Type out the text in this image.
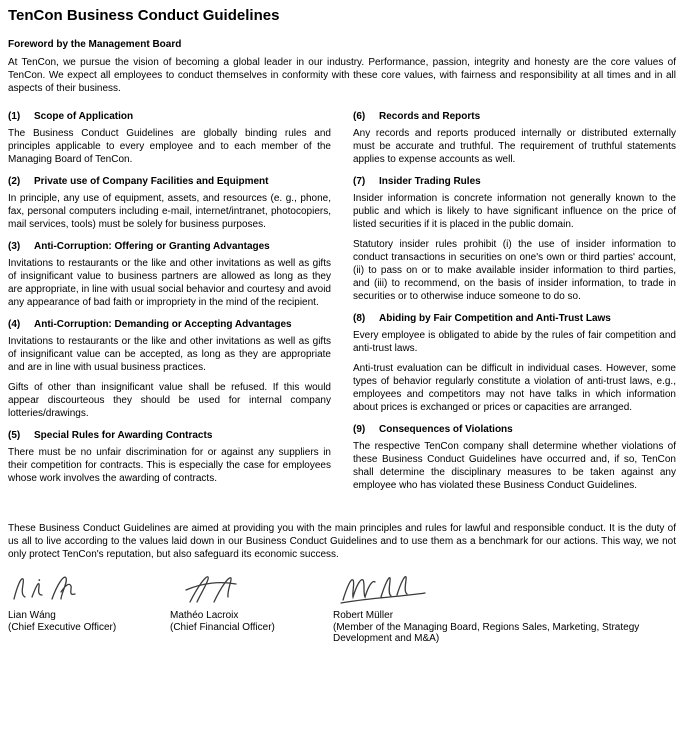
TenCon Business Conduct Guidelines
Foreword by the Management Board

At TenCon, we pursue the vision of becoming a global leader in our industry. Performance, passion, integrity and honesty are the core values of TenCon. We expect all employees to conduct themselves in conformity with these core values, with fairness and responsibility at all times and in all aspects of their business.

(1)	Scope of Application

The Business Conduct Guidelines are globally binding rules and principles applicable to every employee and to each member of the Managing Board of TenCon.

(2)	Private use of Company Facilities and Equipment

In principle, any use of equipment, assets, and resources (e. g., phone, fax, personal computers including e-mail, internet/intranet, photocopiers, mail services, tools) must be solely for business purposes.

(3)	Anti-Corruption: Offering or Granting Advantages

Invitations to restaurants or the like and other invitations as well as gifts of insignificant value to business partners are allowed as long as they are appropriate, in line with usual social behavior and courtesy and avoid any appearance of bad faith or impropriety in the mind of the recipient.

(4)	Anti-Corruption: Demanding or Accepting Advantages

Invitations to restaurants or the like and other invitations as well as gifts of insignificant value can be accepted, as long as they are appropriate and are in line with usual business practices.

Gifts of other than insignificant value shall be refused. If this would appear discourteous they should be used for internal company lotteries/drawings.

(5)	Special Rules for Awarding Contracts

There must be no unfair discrimination for or against any suppliers in their competition for contracts. This is especially the case for employees whose work involves the awarding of contracts.

(6)	Records and Reports

Any records and reports produced internally or distributed externally must be accurate and truthful. The requirement of truthful statements applies to expense accounts as well.

(7)	Insider Trading Rules

Insider information is concrete information not generally known to the public and which is likely to have significant influence on the price of listed securities if it is placed in the public domain.

Statutory insider rules prohibit (i) the use of insider information to conduct transactions in securities on one's own or third parties' account, (ii) to pass on or to make available insider information to third parties, and (iii) to recommend, on the basis of insider information, to trade in securities or to otherwise induce someone to do so.

(8)	Abiding by Fair Competition and Anti-Trust Laws

Every employee is obligated to abide by the rules of fair competition and anti-trust laws.

Anti-trust evaluation can be difficult in individual cases. However, some types of behavior regularly constitute a violation of anti-trust laws, e.g., employees and competitors may not have talks in which information about prices is exchanged or prices or capacities are arranged.

(9)	Consequences of Violations

The respective TenCon company shall determine whether violations of these Business Conduct Guidelines have occurred and, if so, TenCon shall determine the disciplinary measures to be taken against any employee who has violated these Business Conduct Guidelines.

These Business Conduct Guidelines are aimed at providing you with the main principles and rules for lawful and responsible conduct. It is the duty of us all to live according to the values laid down in our Business Conduct Guidelines and to use them as a benchmark for our actions. This way, we not only protect TenCon's reputation, but also safeguard its economic success.

Lian Wáng
(Chief Executive Officer)
Mathéo Lacroix
(Chief Financial Officer)
Robert Müller
(Member of the Managing Board, Regions Sales, Marketing, Strategy Development and M&A)
